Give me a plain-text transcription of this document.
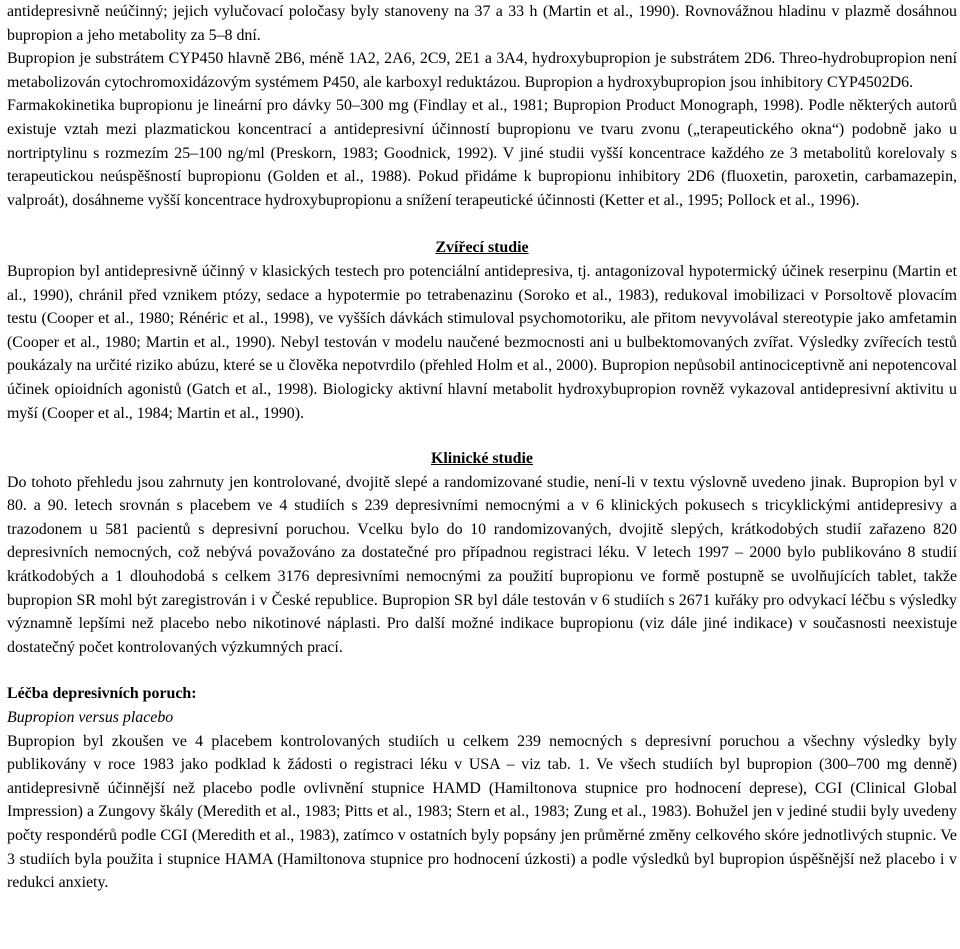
antidepresivně neúčinný; jejich vylučovací poločasy byly stanoveny na 37 a 33 h (Martin et al., 1990). Rovnovážnou hladinu v plazmě dosáhnou bupropion a jeho metabolity za 5–8 dní.

Bupropion je substrátem CYP450 hlavně 2B6, méně 1A2, 2A6, 2C9, 2E1 a 3A4, hydroxybupropion je substrátem 2D6. Threo-hydrobupropion není metabolizován cytochromoxidázovým systémem P450, ale karboxyl reduktázou. Bupropion a hydroxybupropion jsou inhibitory CYP4502D6.

Farmakokinetika bupropionu je lineární pro dávky 50–300 mg (Findlay et al., 1981; Bupropion Product Monograph, 1998). Podle některých autorů existuje vztah mezi plazmatickou koncentrací a antidepresivní účinností bupropionu ve tvaru zvonu („terapeutického okna“) podobně jako u nortriptylinu s rozmezím 25–100 ng/ml (Preskorn, 1983; Goodnick, 1992). V jiné studii vyšší koncentrace každého ze 3 metabolitů korelovaly s terapeutickou neúspěšností bupropionu (Golden et al., 1988). Pokud přidáme k bupropionu inhibitory 2D6 (fluoxetin, paroxetin, carbamazepin, valproát), dosáhneme vyšší koncentrace hydroxybupropionu a snížení terapeutické účinnosti (Ketter et al., 1995; Pollock et al., 1996).

Zvířecí studie

Bupropion byl antidepresivně účinný v klasických testech pro potenciální antidepresiva, tj. antagonizoval hypotermický účinek reserpinu (Martin et al., 1990), chránil před vznikem ptózy, sedace a hypotermie po tetrabenazinu (Soroko et al., 1983), redukoval imobilizaci v Porsoltově plovacím testu (Cooper et al., 1980; Rénéric et al., 1998), ve vyšších dávkách stimuloval psychomotoriku, ale přitom nevyvolával stereotypie jako amfetamin (Cooper et al., 1980; Martin et al., 1990). Nebyl testován v modelu naučené bezmocnosti ani u bulbektomovaných zvířat. Výsledky zvířecích testů poukázaly na určité riziko abúzu, které se u člověka nepotvrdilo (přehled Holm et al., 2000). Bupropion nepůsobil antinociceptivně ani nepotencoval účinek opioidních agonistů (Gatch et al., 1998). Biologicky aktivní hlavní metabolit hydroxybupropion rovněž vykazoval antidepresivní aktivitu u myší (Cooper et al., 1984; Martin et al., 1990).

Klinické studie

Do tohoto přehledu jsou zahrnuty jen kontrolované, dvojitě slepé a randomizované studie, není-li v textu výslovně uvedeno jinak. Bupropion byl v 80. a 90. letech srovnán s placebem ve 4 studiích s 239 depresivními nemocnými a v 6 klinických pokusech s tricyklickými antidepresivy a trazodonem u 581 pacientů s depresivní poruchou. Vcelku bylo do 10 randomizovaných, dvojitě slepých, krátkodobých studií zařazeno 820 depresivních nemocných, což nebývá považováno za dostatečné pro případnou registraci léku. V letech 1997 – 2000 bylo publikováno 8 studií krátkodobých a 1 dlouhodobá s celkem 3176 depresivními nemocnými za použití bupropionu ve formě postupně se uvolňujících tablet, takže bupropion SR mohl být zaregistrován i v České republice. Bupropion SR byl dále testován v 6 studiích s 2671 kuřáky pro odvykací léčbu s výsledky významně lepšími než placebo nebo nikotinové náplasti. Pro další možné indikace bupropionu (viz dále jiné indikace) v současnosti neexistuje dostatečný počet kontrolovaných výzkumných prací.

Léčba depresivních poruch:

Bupropion versus placebo

Bupropion byl zkoušen ve 4 placebem kontrolovaných studiích u celkem 239 nemocných s depresivní poruchou a všechny výsledky byly publikovány v roce 1983 jako podklad k žádosti o registraci léku v USA – viz tab. 1. Ve všech studiích byl bupropion (300–700 mg denně) antidepresivně účinnější než placebo podle ovlivnění stupnice HAMD (Hamiltonova stupnice pro hodnocení deprese), CGI (Clinical Global Impression) a Zungovy škály (Meredith et al., 1983; Pitts et al., 1983; Stern et al., 1983; Zung et al., 1983). Bohužel jen v jediné studii byly uvedeny počty respondérů podle CGI (Meredith et al., 1983), zatímco v ostatních byly popsány jen průměrné změny celkového skóre jednotlivých stupnic. Ve 3 studiích byla použita i stupnice HAMA (Hamiltonova stupnice pro hodnocení úzkosti) a podle výsledků byl bupropion úspěšnější než placebo i v redukci anxiety.
